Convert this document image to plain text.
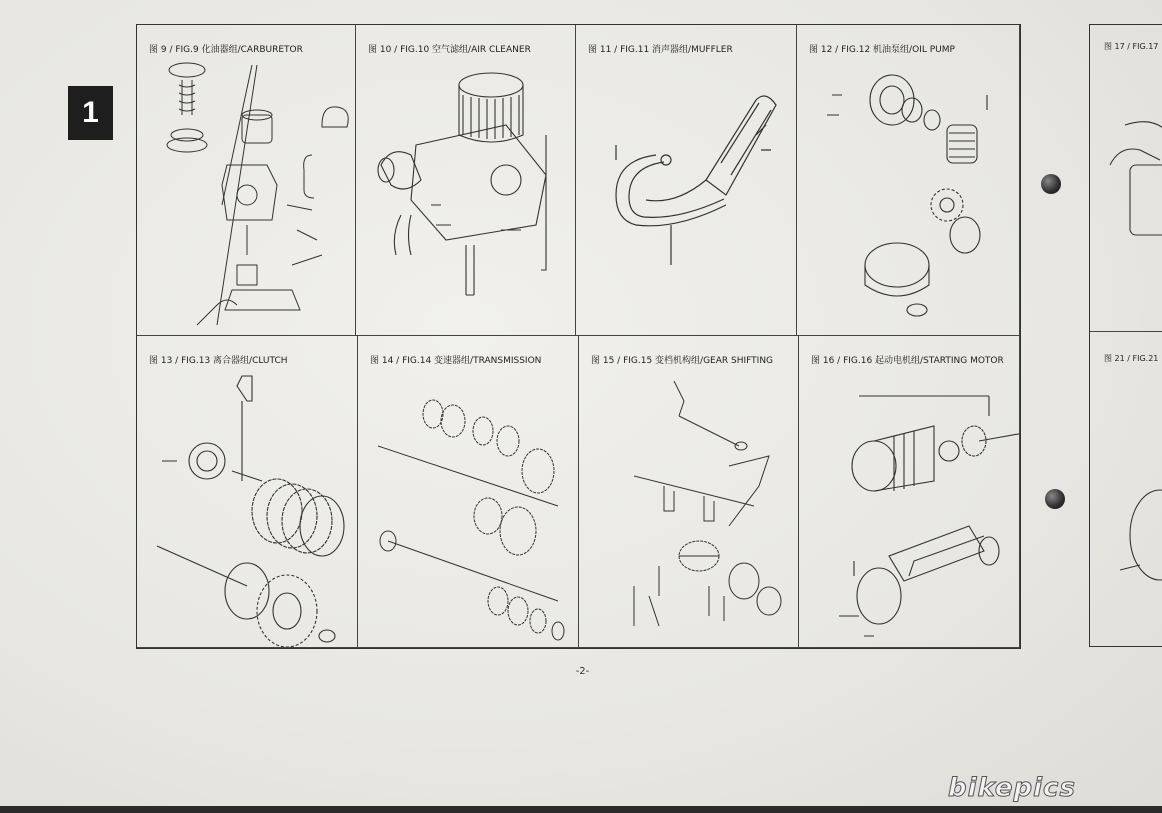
1
图 9 / FIG.9 化油器组/CARBURETOR	图 10 / FIG.10 空气滤组/AIR CLEANER	图 11 / FIG.11 消声器组/MUFFLER	图 12 / FIG.12 机油泵组/OIL PUMP
图 13 / FIG.13 离合器组/CLUTCH	图 14 / FIG.14 变速器组/TRANSMISSION	图 15 / FIG.15 变档机构组/GEAR SHIFTING	图 16 / FIG.16 起动电机组/STARTING MOTOR
图 17 / FIG.17
图 21 / FIG.21
-2-
bikepics
